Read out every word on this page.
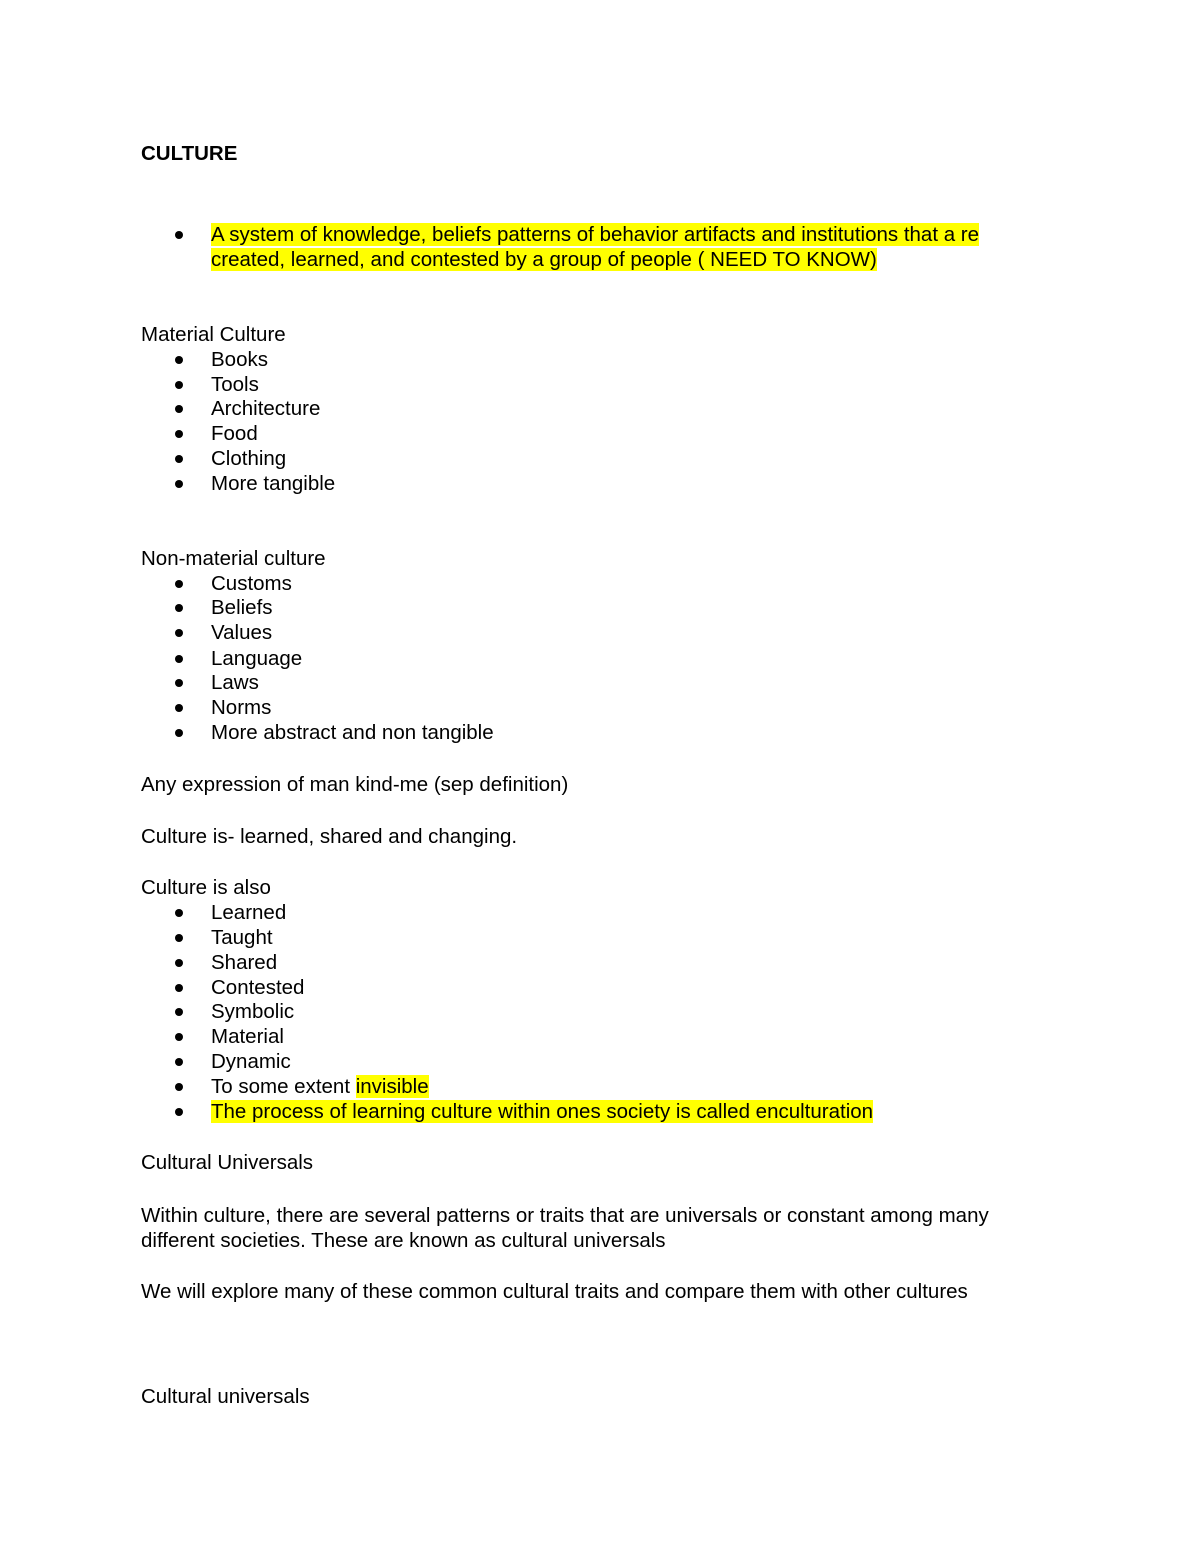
CULTURE
A system of knowledge, beliefs patterns of behavior artifacts and institutions that a re
created, learned, and contested by a group of people ( NEED TO KNOW)
Material Culture
Books
Tools
Architecture
Food
Clothing
More tangible
Non-material culture
Customs
Beliefs
Values
Language
Laws
Norms
More abstract and non tangible
Any expression of man kind-me (sep definition)
Culture is- learned, shared and changing.
Culture is also
Learned
Taught
Shared
Contested
Symbolic
Material
Dynamic
To some extent invisible
The process of learning culture within ones society is called enculturation
Cultural Universals
Within culture, there are several patterns or traits that are universals or constant among many
different societies. These are known as cultural universals
We will explore many of these common cultural traits and compare them with other cultures
Cultural universals
